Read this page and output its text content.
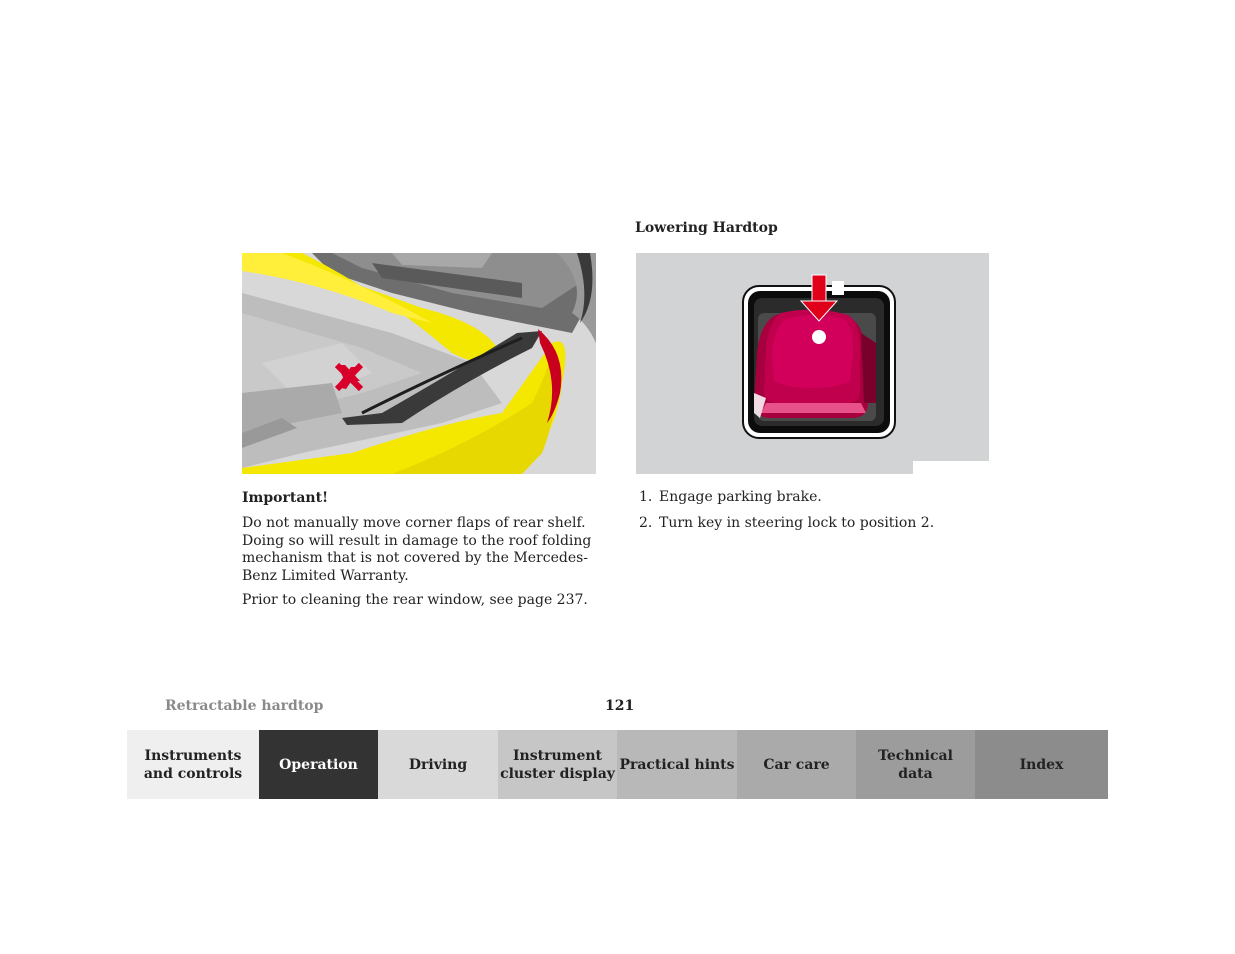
Lowering Hardtop
Important!
Do not manually move corner flaps of rear shelf. Doing so will result in damage to the roof folding mechanism that is not covered by the Mercedes-Benz Limited Warranty.
Prior to cleaning the rear window, see page 237.
1. Engage parking brake.
2. Turn key in steering lock to position 2.
Retractable hardtop	121
Instruments
and controls
Operation	Driving
Instrument
cluster display
Practical hints Car care
Technical
data
Index
